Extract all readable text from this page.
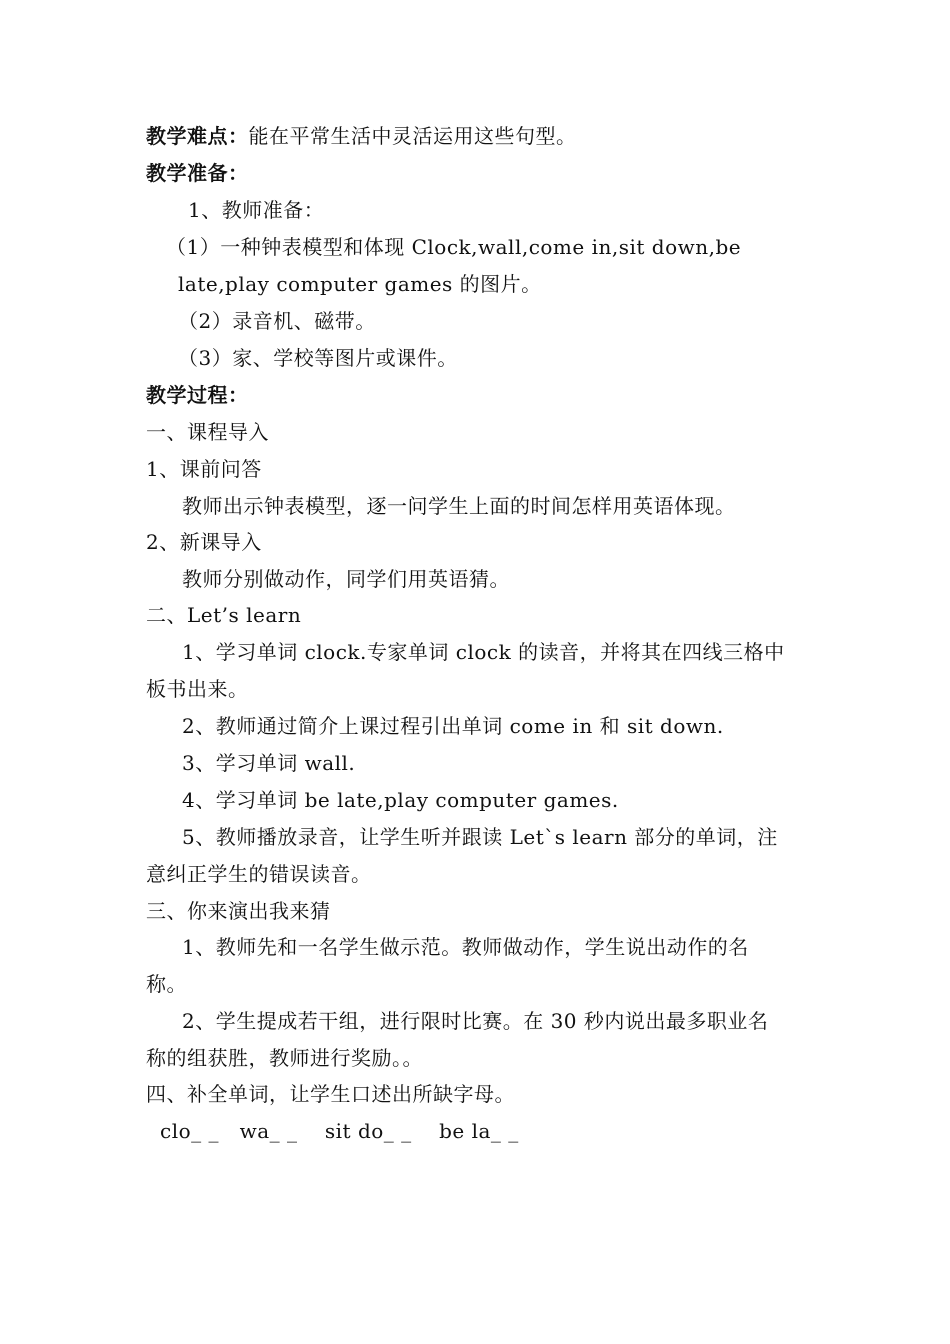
教学难点：能在平常生活中灵活运用这些句型。
教学准备：
1、教师准备：
（1）一种钟表模型和体现 Clock,wall,come in,sit down,be
late,play computer games 的图片。
（2）录音机、磁带。
（3）家、学校等图片或课件。
教学过程：
一、课程导入
1、课前问答
教师出示钟表模型，逐一问学生上面的时间怎样用英语体现。
2、新课导入
教师分别做动作，同学们用英语猜。
二、Let’s learn
1、学习单词 clock.专家单词 clock 的读音，并将其在四线三格中
板书出来。
2、教师通过简介上课过程引出单词 come in 和 sit down.
3、学习单词 wall.
4、学习单词 be late,play computer games.
5、教师播放录音，让学生听并跟读 Let`s learn 部分的单词，注
意纠正学生的错误读音。
三、你来演出我来猜
1、教师先和一名学生做示范。教师做动作，学生说出动作的名
称。
2、学生提成若干组，进行限时比赛。在 30 秒内说出最多职业名
称的组获胜，教师进行奖励。。
四、补全单词，让学生口述出所缺字母。
clo_ _   wa_ _    sit do_ _    be la_ _
